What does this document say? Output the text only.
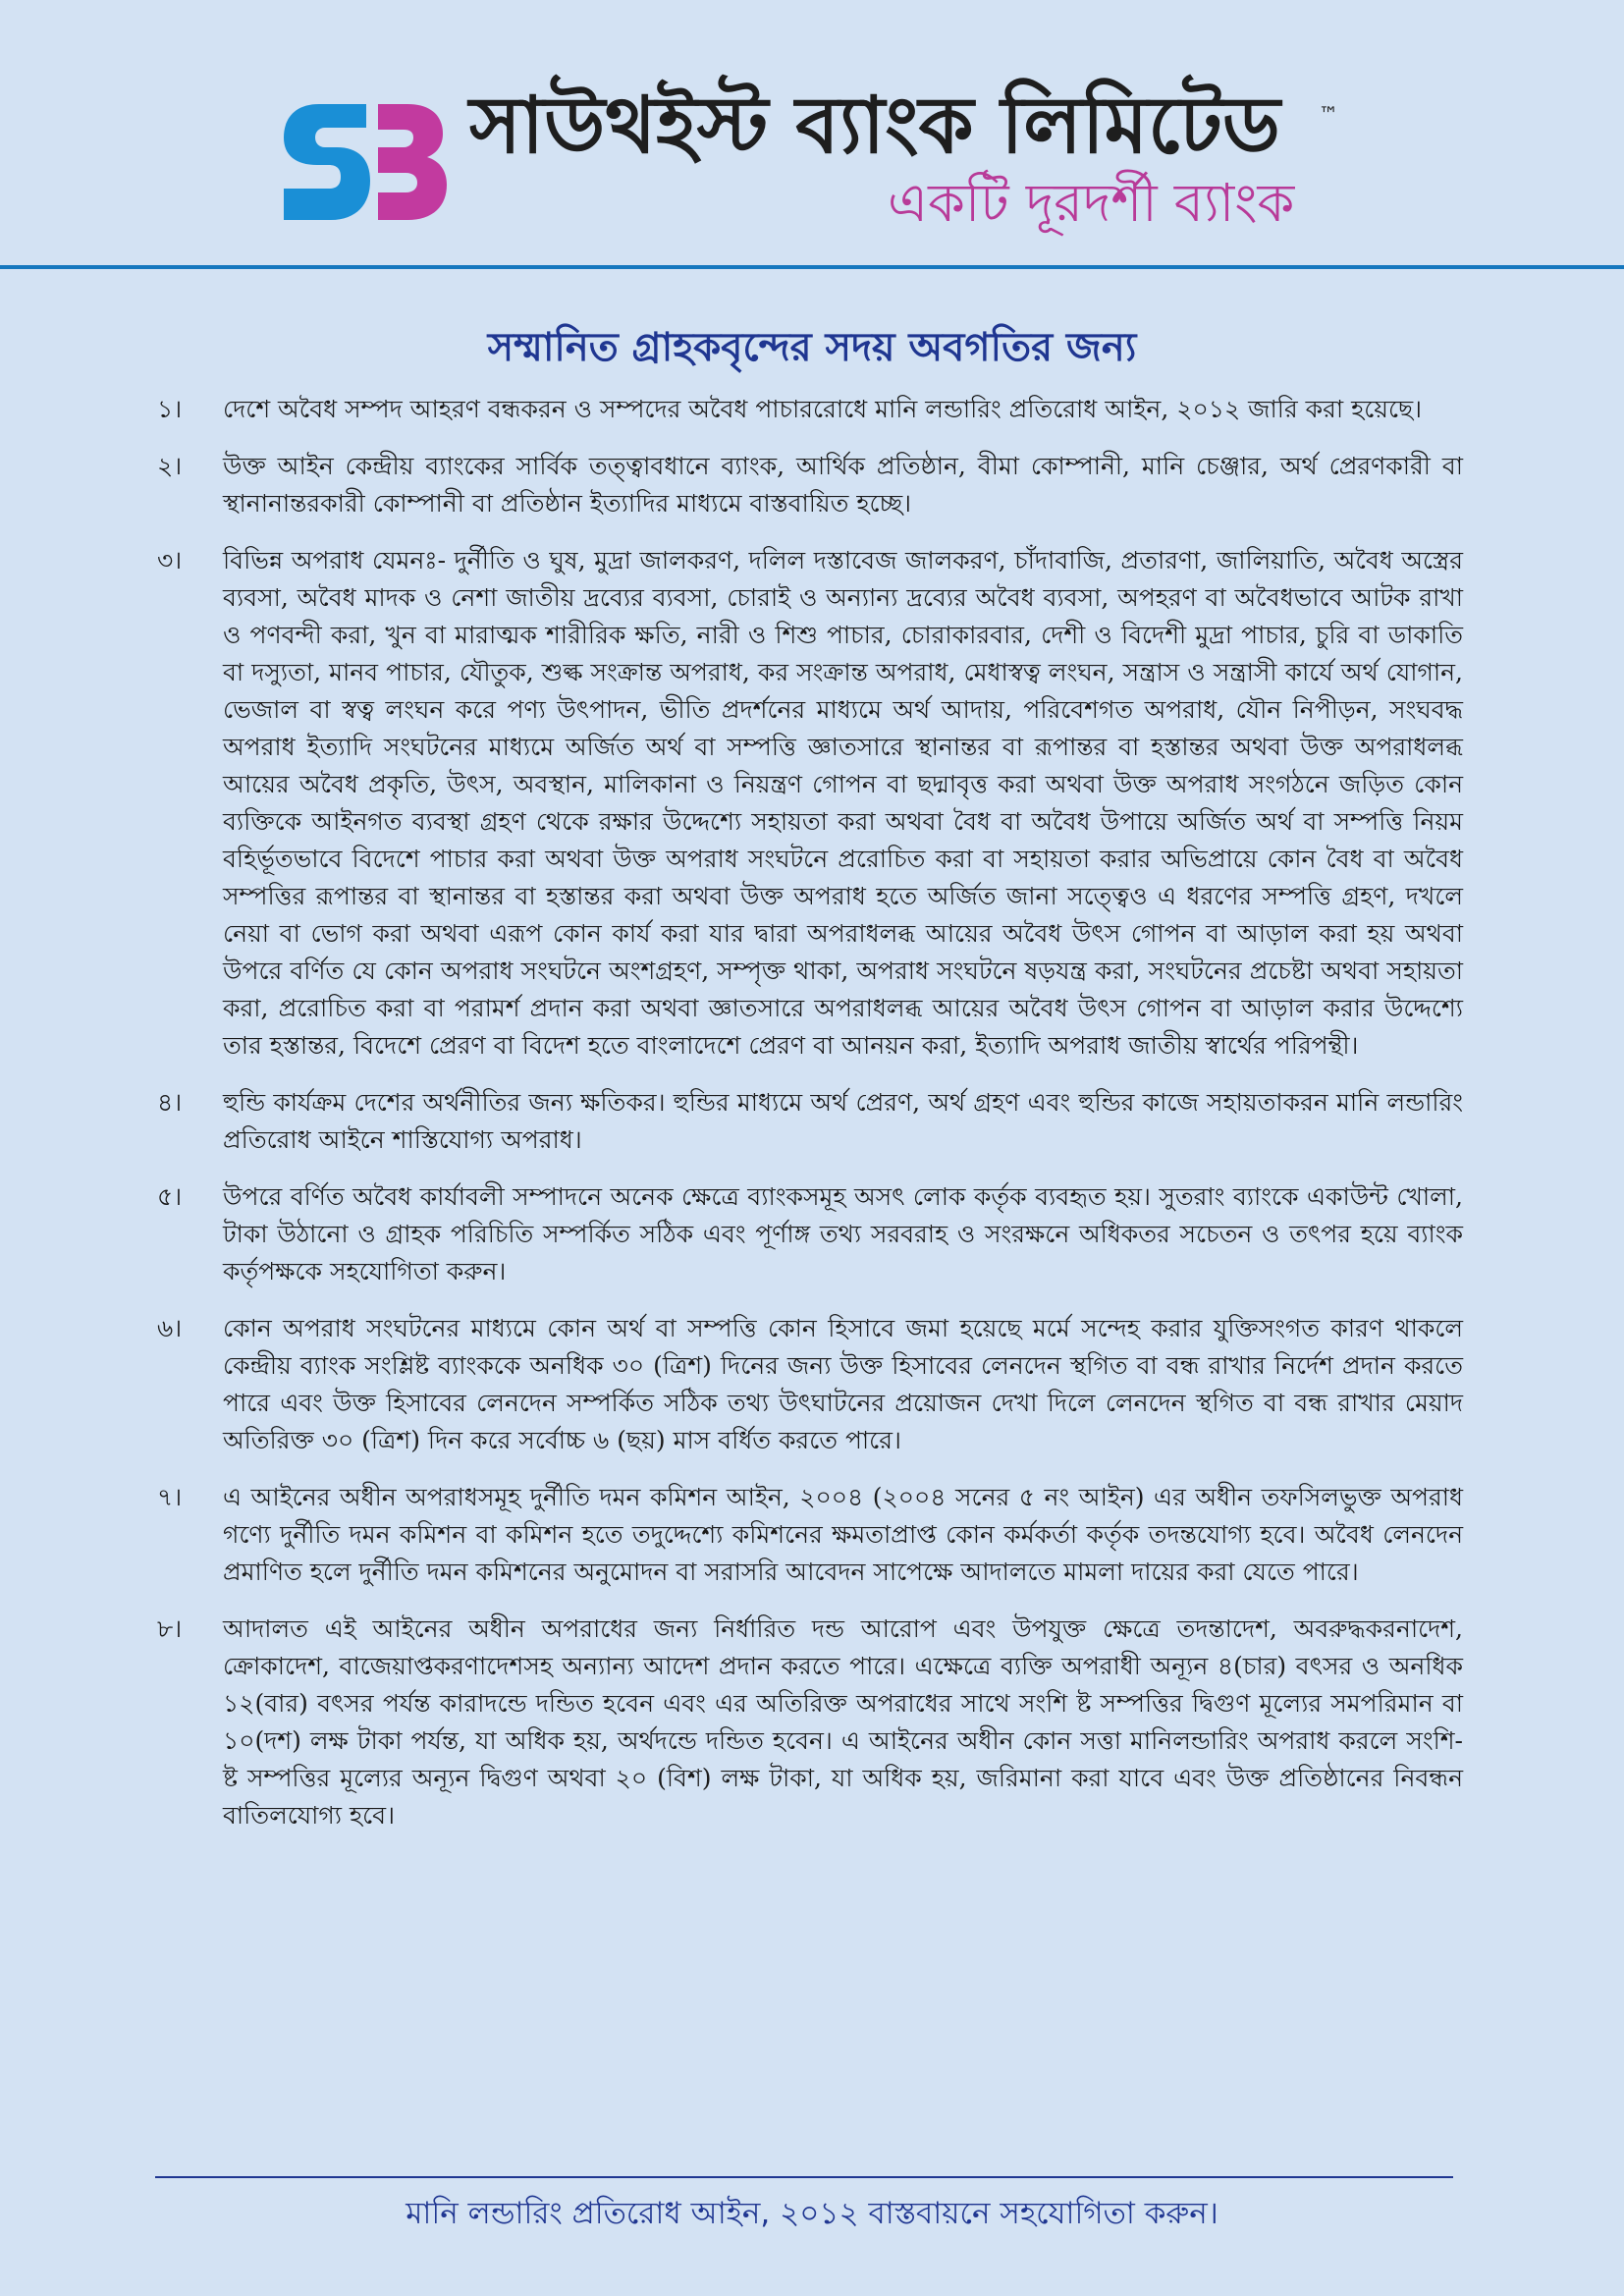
SB সাউথইস্ট ব্যাংক লিমিটেড ™
একটি দূরদর্শী ব্যাংক
সম্মানিত গ্রাহকবৃন্দের সদয় অবগতির জন্য
১।	দেশে অবৈধ সম্পদ আহরণ বন্ধকরন ও সম্পদের অবৈধ পাচাররোধে মানি লন্ডারিং প্রতিরোধ আইন, ২০১২ জারি করা হয়েছে।
২।	উক্ত আইন কেন্দ্রীয় ব্যাংকের সার্বিক তত্ত্বাবধানে ব্যাংক, আর্থিক প্রতিষ্ঠান, বীমা কোম্পানী, মানি চেঞ্জার, অর্থ প্রেরণকারী বা স্থানানান্তরকারী কোম্পানী বা প্রতিষ্ঠান ইত্যাদির মাধ্যমে বাস্তবায়িত হচ্ছে।
৩।	বিভিন্ন অপরাধ যেমনঃ- দুর্নীতি ও ঘুষ, মুদ্রা জালকরণ, দলিল দস্তাবেজ জালকরণ, চাঁদাবাজি, প্রতারণা, জালিয়াতি, অবৈধ অস্ত্রের ব্যবসা, অবৈধ মাদক ও নেশা জাতীয় দ্রব্যের ব্যবসা, চোরাই ও অন্যান্য দ্রব্যের অবৈধ ব্যবসা, অপহরণ বা অবৈধভাবে আটক রাখা ও পণবন্দী করা, খুন বা মারাত্মক শারীরিক ক্ষতি, নারী ও শিশু পাচার, চোরাকারবার, দেশী ও বিদেশী মুদ্রা পাচার, চুরি বা ডাকাতি বা দস্যুতা, মানব পাচার, যৌতুক, শুল্ক সংক্রান্ত অপরাধ, কর সংক্রান্ত অপরাধ, মেধাস্বত্ব লংঘন, সন্ত্রাস ও সন্ত্রাসী কার্যে অর্থ যোগান, ভেজাল বা স্বত্ব লংঘন করে পণ্য উৎপাদন, ভীতি প্রদর্শনের মাধ্যমে অর্থ আদায়, পরিবেশগত অপরাধ, যৌন নিপীড়ন, সংঘবদ্ধ অপরাধ ইত্যাদি সংঘটনের মাধ্যমে অর্জিত অর্থ বা সম্পত্তি জ্ঞাতসারে স্থানান্তর বা রূপান্তর বা হস্তান্তর অথবা উক্ত অপরাধলব্ধ আয়ের অবৈধ প্রকৃতি, উৎস, অবস্থান, মালিকানা ও নিয়ন্ত্রণ গোপন বা ছদ্মাবৃত্ত করা অথবা উক্ত অপরাধ সংগঠনে জড়িত কোন ব্যক্তিকে আইনগত ব্যবস্থা গ্রহণ থেকে রক্ষার উদ্দেশ্যে সহায়তা করা অথবা বৈধ বা অবৈধ উপায়ে অর্জিত অর্থ বা সম্পত্তি নিয়ম বহির্ভূতভাবে বিদেশে পাচার করা অথবা উক্ত অপরাধ সংঘটনে প্ররোচিত করা বা সহায়তা করার অভিপ্রায়ে কোন বৈধ বা অবৈধ সম্পত্তির রূপান্তর বা স্থানান্তর বা হস্তান্তর করা অথবা উক্ত অপরাধ হতে অর্জিত জানা সত্ত্বেও এ ধরণের সম্পত্তি গ্রহণ, দখলে নেয়া বা ভোগ করা অথবা এরূপ কোন কার্য করা যার দ্বারা অপরাধলব্ধ আয়ের অবৈধ উৎস গোপন বা আড়াল করা হয় অথবা উপরে বর্ণিত যে কোন অপরাধ সংঘটনে অংশগ্রহণ, সম্পৃক্ত থাকা, অপরাধ সংঘটনে ষড়যন্ত্র করা, সংঘটনের প্রচেষ্টা অথবা সহায়তা করা, প্ররোচিত করা বা পরামর্শ প্রদান করা অথবা জ্ঞাতসারে অপরাধলব্ধ আয়ের অবৈধ উৎস গোপন বা আড়াল করার উদ্দেশ্যে তার হস্তান্তর, বিদেশে প্রেরণ বা বিদেশ হতে বাংলাদেশে প্রেরণ বা আনয়ন করা, ইত্যাদি অপরাধ জাতীয় স্বার্থের পরিপন্থী।
৪।	হুন্ডি কার্যক্রম দেশের অর্থনীতির জন্য ক্ষতিকর। হুন্ডির মাধ্যমে অর্থ প্রেরণ, অর্থ গ্রহণ এবং হুন্ডির কাজে সহায়তাকরন মানি লন্ডারিং প্রতিরোধ আইনে শাস্তিযোগ্য অপরাধ।
৫।	উপরে বর্ণিত অবৈধ কার্যাবলী সম্পাদনে অনেক ক্ষেত্রে ব্যাংকসমূহ অসৎ লোক কর্তৃক ব্যবহৃত হয়। সুতরাং ব্যাংকে একাউন্ট খোলা, টাকা উঠানো ও গ্রাহক পরিচিতি সম্পর্কিত সঠিক এবং পূর্ণাঙ্গ তথ্য সরবরাহ ও সংরক্ষনে অধিকতর সচেতন ও তৎপর হয়ে ব্যাংক কর্তৃপক্ষকে সহযোগিতা করুন।
৬।	কোন অপরাধ সংঘটনের মাধ্যমে কোন অর্থ বা সম্পত্তি কোন হিসাবে জমা হয়েছে মর্মে সন্দেহ করার যুক্তিসংগত কারণ থাকলে কেন্দ্রীয় ব্যাংক সংশ্লিষ্ট ব্যাংককে অনধিক ৩০ (ত্রিশ) দিনের জন্য উক্ত হিসাবের লেনদেন স্থগিত বা বন্ধ রাখার নির্দেশ প্রদান করতে পারে এবং উক্ত হিসাবের লেনদেন সম্পর্কিত সঠিক তথ্য উৎঘাটনের প্রয়োজন দেখা দিলে লেনদেন স্থগিত বা বন্ধ রাখার মেয়াদ অতিরিক্ত ৩০ (ত্রিশ) দিন করে সর্বোচ্চ ৬ (ছয়) মাস বর্ধিত করতে পারে।
৭।	এ আইনের অধীন অপরাধসমূহ দুর্নীতি দমন কমিশন আইন, ২০০৪ (২০০৪ সনের ৫ নং আইন) এর অধীন তফসিলভুক্ত অপরাধ গণ্যে দুর্নীতি দমন কমিশন বা কমিশন হতে তদুদ্দেশ্যে কমিশনের ক্ষমতাপ্রাপ্ত কোন কর্মকর্তা কর্তৃক তদন্তযোগ্য হবে। অবৈধ লেনদেন প্রমাণিত হলে দুর্নীতি দমন কমিশনের অনুমোদন বা সরাসরি আবেদন সাপেক্ষে আদালতে মামলা দায়ের করা যেতে পারে।
৮।	আদালত এই আইনের অধীন অপরাধের জন্য নির্ধারিত দন্ড আরোপ এবং উপযুক্ত ক্ষেত্রে তদন্তাদেশ, অবরুদ্ধকরনাদেশ, ক্রোকাদেশ, বাজেয়াপ্তকরণাদেশসহ অন্যান্য আদেশ প্রদান করতে পারে। এক্ষেত্রে ব্যক্তি অপরাধী অন্যূন ৪(চার) বৎসর ও অনধিক ১২(বার) বৎসর পর্যন্ত কারাদন্ডে দন্ডিত হবেন এবং এর অতিরিক্ত অপরাধের সাথে সংশি ষ্ট সম্পত্তির দ্বিগুণ মূল্যের সমপরিমান বা ১০(দশ) লক্ষ টাকা পর্যন্ত, যা অধিক হয়, অর্থদন্ডে দন্ডিত হবেন। এ আইনের অধীন কোন সত্তা মানিলন্ডারিং অপরাধ করলে সংশি- ষ্ট সম্পত্তির মূল্যের অন্যূন দ্বিগুণ অথবা ২০ (বিশ) লক্ষ টাকা, যা অধিক হয়, জরিমানা করা যাবে এবং উক্ত প্রতিষ্ঠানের নিবন্ধন বাতিলযোগ্য হবে।
মানি লন্ডারিং প্রতিরোধ আইন, ২০১২ বাস্তবায়নে সহযোগিতা করুন।
